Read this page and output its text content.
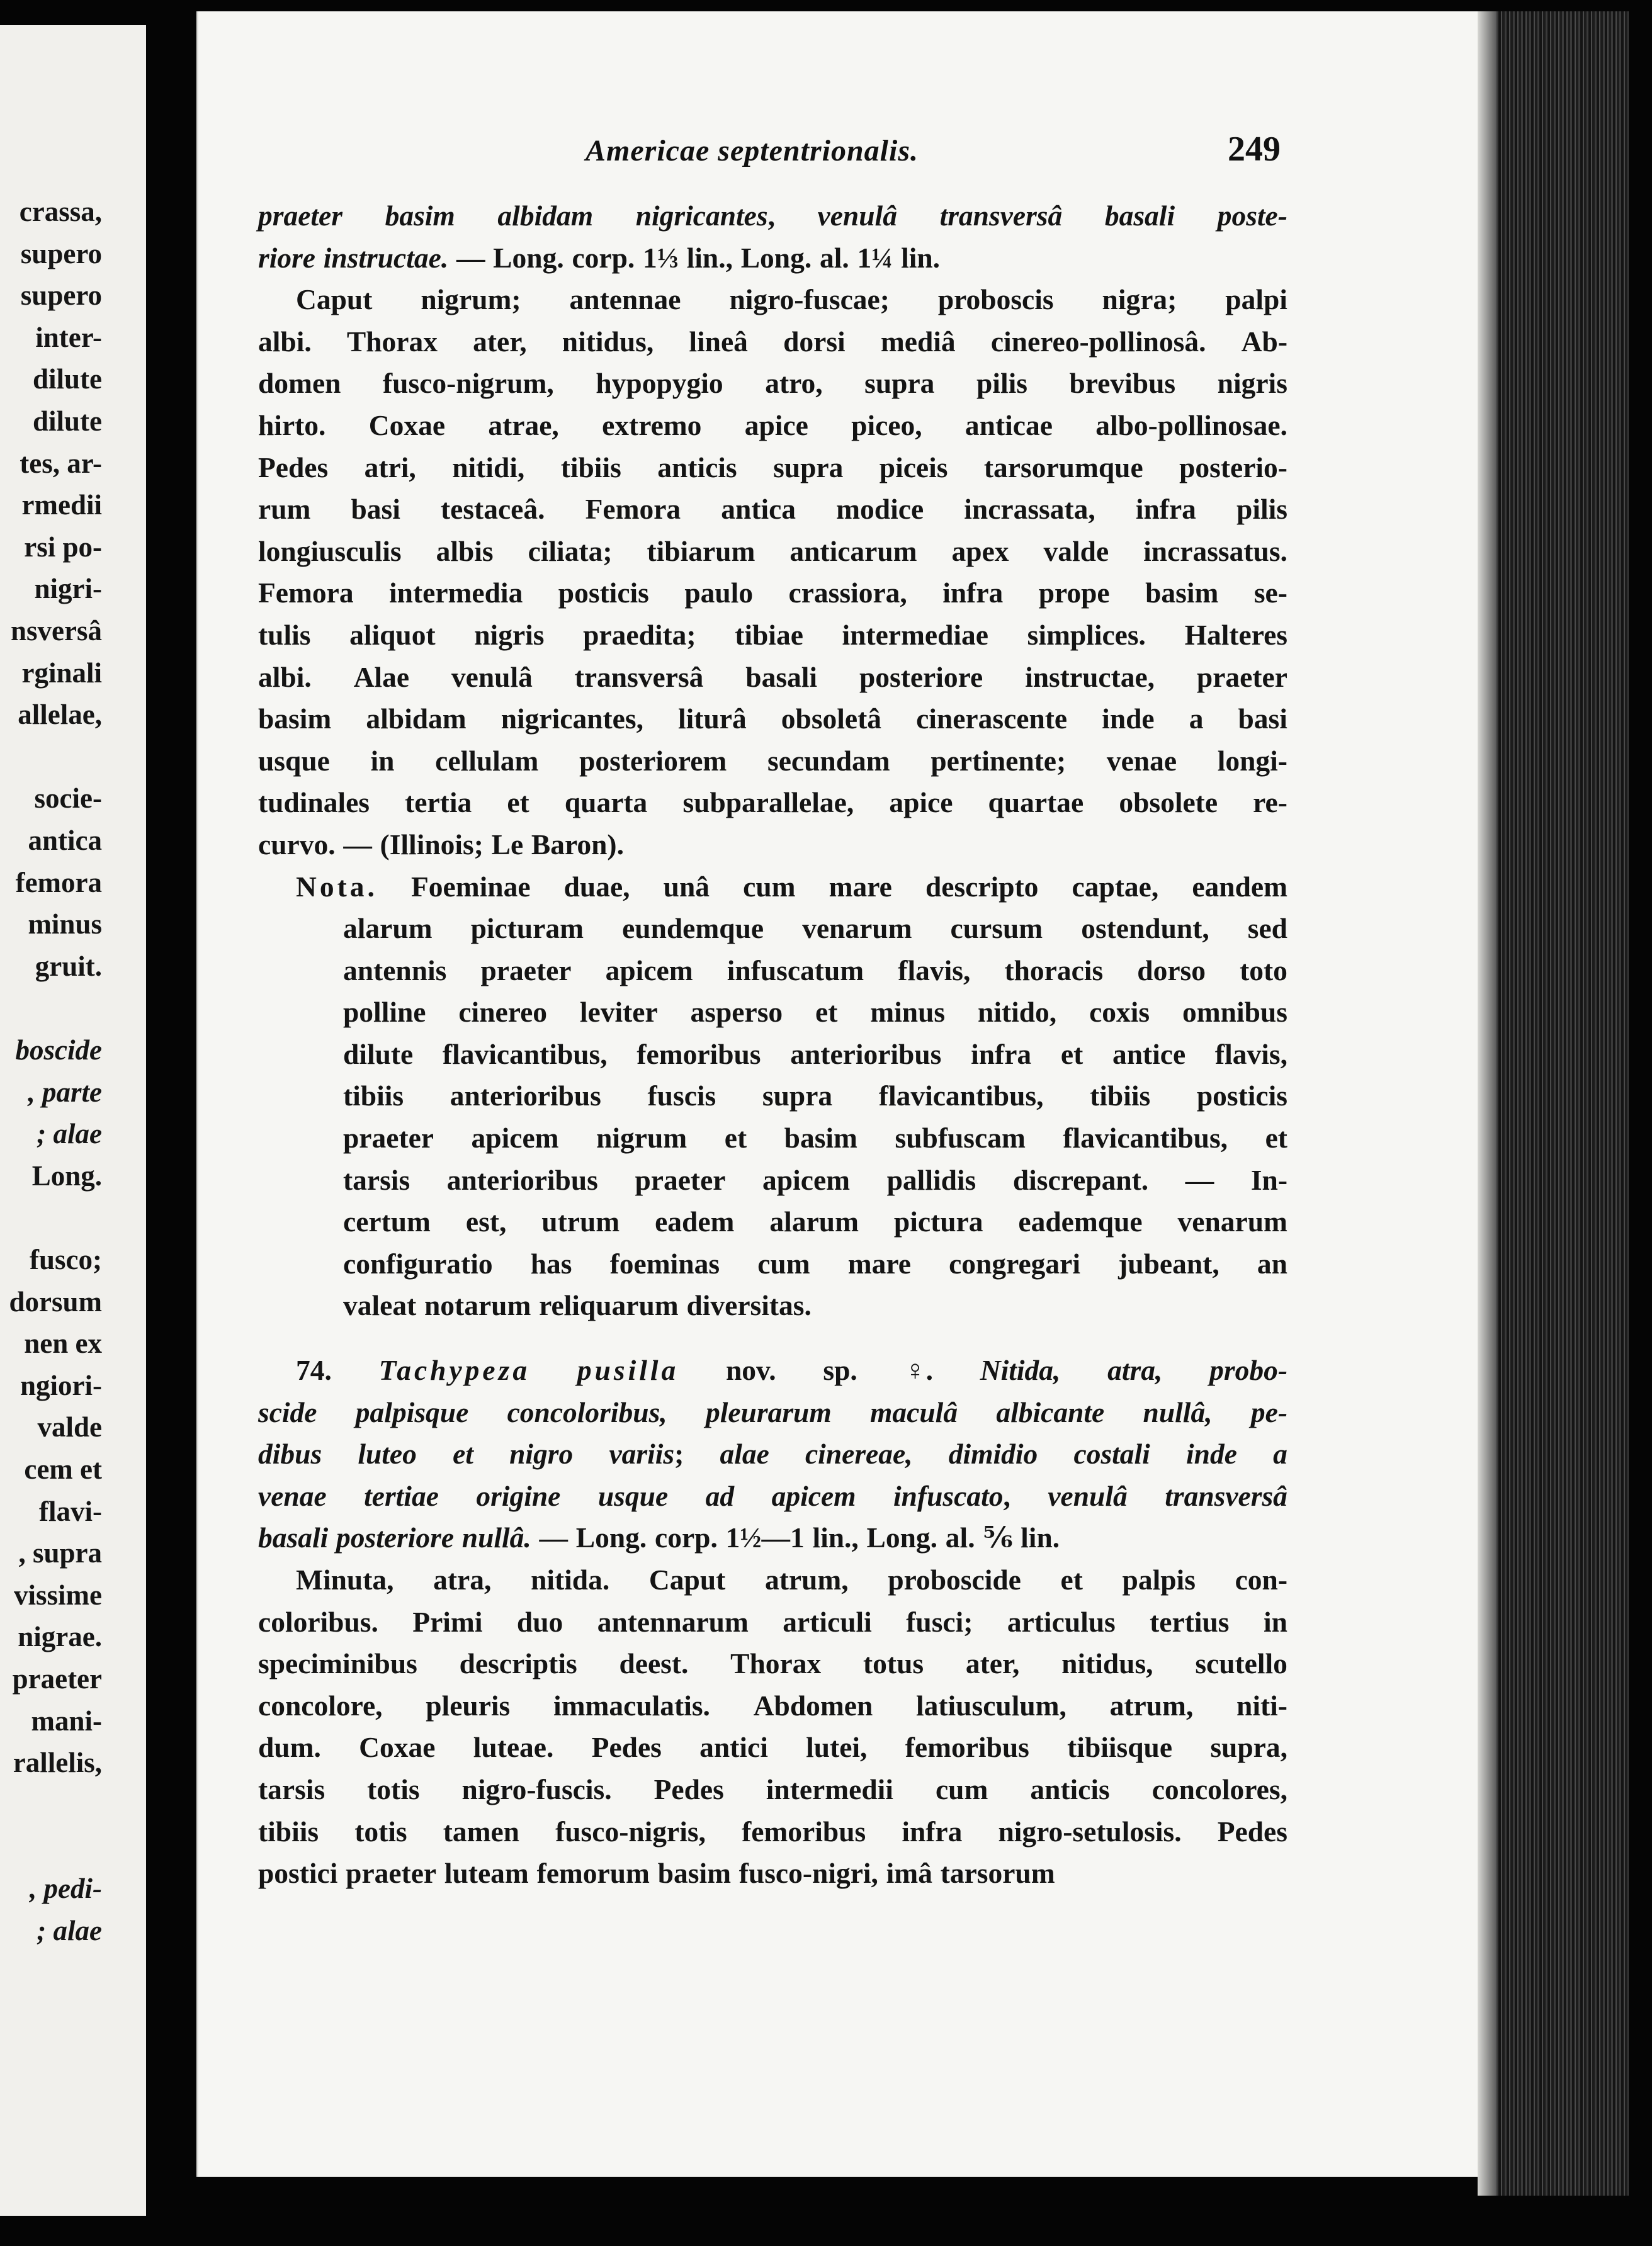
crassa,
supero
supero
inter-
dilute
dilute
tes, ar-
rmedii
rsi po-
nigri-
nsversâ
rginali
allelae,
socie-
antica
femora
minus
gruit.
boscide
, parte
; alae
Long.
fusco;
dorsum
nen ex
ngiori-
valde
cem et
flavi-
, supra
vissime
nigrae.
praeter
mani-
rallelis,
, pedi-
; alae
Americae septentrionalis.	249
praeter basim albidam nigricantes, venulâ transversâ basali poste-
riore instructae. — Long. corp. 1⅓ lin., Long. al. 1¼ lin.
Caput nigrum; antennae nigro-fuscae; proboscis nigra; palpi
albi. Thorax ater, nitidus, lineâ dorsi mediâ cinereo-pollinosâ. Ab-
domen fusco-nigrum, hypopygio atro, supra pilis brevibus nigris
hirto. Coxae atrae, extremo apice piceo, anticae albo-pollinosae.
Pedes atri, nitidi, tibiis anticis supra piceis tarsorumque posterio-
rum basi testaceâ. Femora antica modice incrassata, infra pilis
longiusculis albis ciliata; tibiarum anticarum apex valde incrassatus.
Femora intermedia posticis paulo crassiora, infra prope basim se-
tulis aliquot nigris praedita; tibiae intermediae simplices. Halteres
albi. Alae venulâ transversâ basali posteriore instructae, praeter
basim albidam nigricantes, liturâ obsoletâ cinerascente inde a basi
usque in cellulam posteriorem secundam pertinente; venae longi-
tudinales tertia et quarta subparallelae, apice quartae obsolete re-
curvo. — (Illinois; Le Baron).
Nota. Foeminae duae, unâ cum mare descripto captae, eandem
alarum picturam eundemque venarum cursum ostendunt, sed
antennis praeter apicem infuscatum flavis, thoracis dorso toto
polline cinereo leviter asperso et minus nitido, coxis omnibus
dilute flavicantibus, femoribus anterioribus infra et antice flavis,
tibiis anterioribus fuscis supra flavicantibus, tibiis posticis
praeter apicem nigrum et basim subfuscam flavicantibus, et
tarsis anterioribus praeter apicem pallidis discrepant. — In-
certum est, utrum eadem alarum pictura eademque venarum
configuratio has foeminas cum mare congregari jubeant, an
valeat notarum reliquarum diversitas.
74. Tachypeza pusilla nov. sp. ♀. Nitida, atra, probo-
scide palpisque concoloribus, pleurarum maculâ albicante nullâ, pe-
dibus luteo et nigro variis; alae cinereae, dimidio costali inde a
venae tertiae origine usque ad apicem infuscato, venulâ transversâ
basali posteriore nullâ. — Long. corp. 1½—1 lin., Long. al. ⅚ lin.
Minuta, atra, nitida. Caput atrum, proboscide et palpis con-
coloribus. Primi duo antennarum articuli fusci; articulus tertius in
speciminibus descriptis deest. Thorax totus ater, nitidus, scutello
concolore, pleuris immaculatis. Abdomen latiusculum, atrum, niti-
dum. Coxae luteae. Pedes antici lutei, femoribus tibiisque supra,
tarsis totis nigro-fuscis. Pedes intermedii cum anticis concolores,
tibiis totis tamen fusco-nigris, femoribus infra nigro-setulosis. Pedes
postici praeter luteam femorum basim fusco-nigri, imâ tarsorum
